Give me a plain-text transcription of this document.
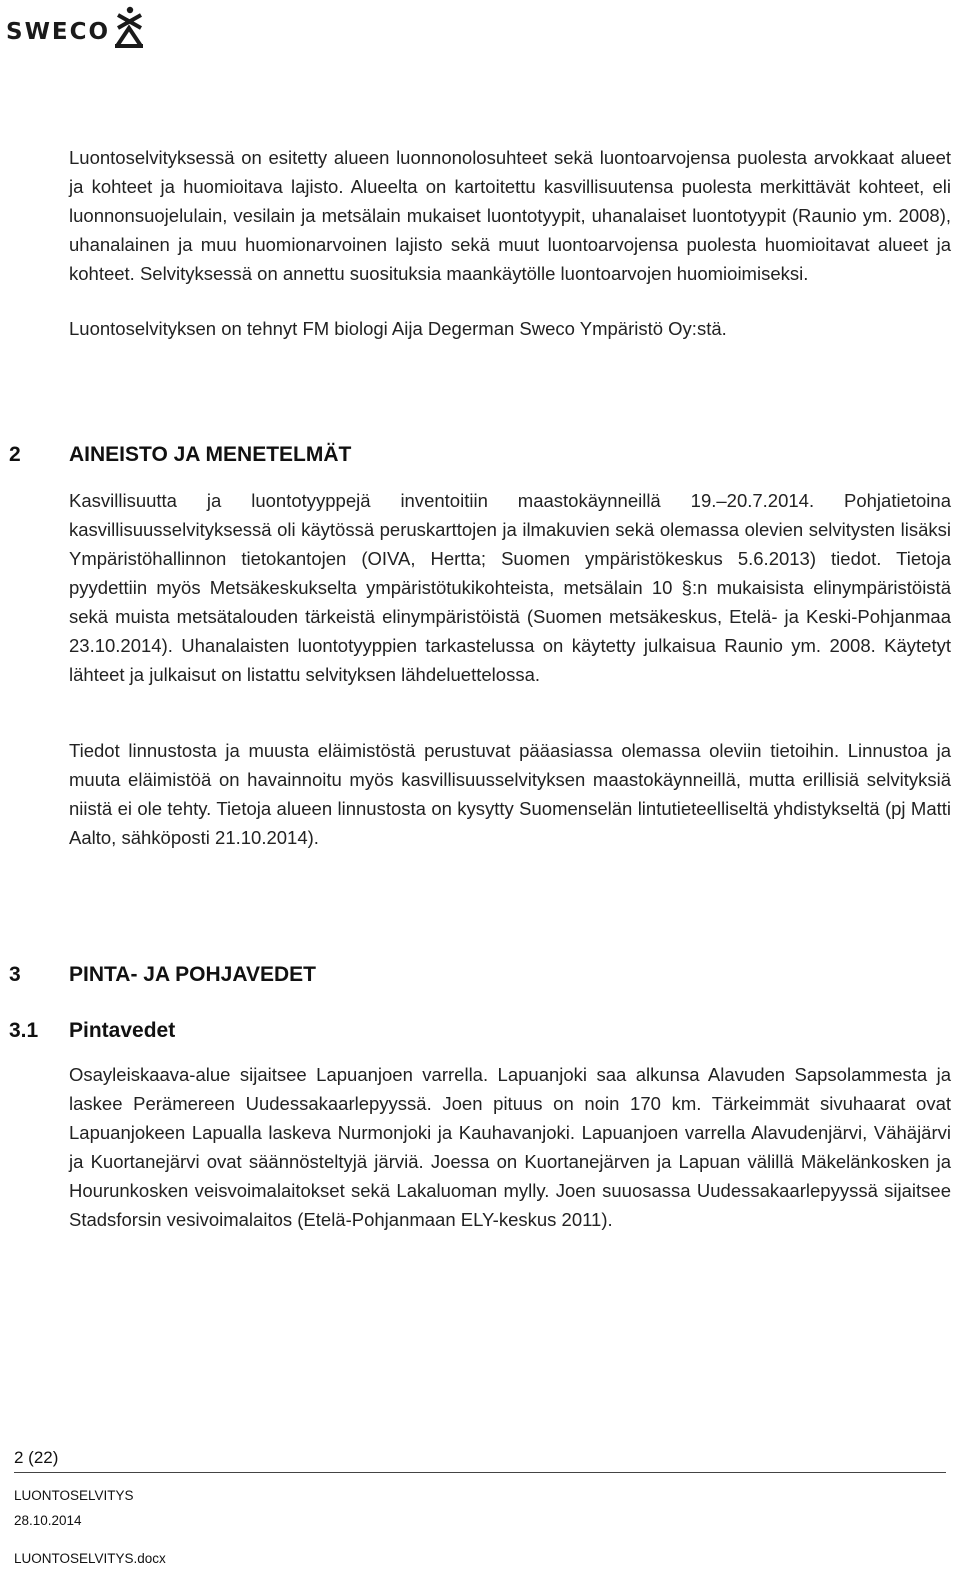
SWECO

Luontoselvityksessä on esitetty alueen luonnonolosuhteet sekä luontoarvojensa puolesta arvokkaat alueet ja kohteet ja huomioitava lajisto. Alueelta on kartoitettu kasvillisuutensa puolesta merkittävät kohteet, eli luonnonsuojelulain, vesilain ja metsälain mukaiset luontotyypit, uhanalaiset luontotyypit (Raunio ym. 2008), uhanalainen ja muu huomionarvoinen lajisto sekä muut luontoarvojensa puolesta huomioitavat alueet ja kohteet. Selvityksessä on annettu suosituksia maankäytölle luontoarvojen huomioimiseksi.

Luontoselvityksen on tehnyt FM biologi Aija Degerman Sweco Ympäristö Oy:stä.

2 AINEISTO JA MENETELMÄT

Kasvillisuutta ja luontotyyppejä inventoitiin maastokäynneillä 19.–20.7.2014. Pohjatietoina kasvillisuusselvityksessä oli käytössä peruskarttojen ja ilmakuvien sekä olemassa olevien selvitysten lisäksi Ympäristöhallinnon tietokantojen (OIVA, Hertta; Suomen ympäristökeskus 5.6.2013) tiedot. Tietoja pyydettiin myös Metsäkeskukselta ympäristötukikohteista, metsälain 10 §:n mukaisista elinympäristöistä sekä muista metsätalouden tärkeistä elinympäristöistä (Suomen metsäkeskus, Etelä- ja Keski-Pohjanmaa 23.10.2014). Uhanalaisten luontotyyppien tarkastelussa on käytetty julkaisua Raunio ym. 2008. Käytetyt lähteet ja julkaisut on listattu selvityksen lähdeluettelossa.

Tiedot linnustosta ja muusta eläimistöstä perustuvat pääasiassa olemassa oleviin tietoihin. Linnustoa ja muuta eläimistöä on havainnoitu myös kasvillisuusselvityksen maastokäynneillä, mutta erillisiä selvityksiä niistä ei ole tehty. Tietoja alueen linnustosta on kysytty Suomenselän lintutieteelliseltä yhdistykseltä (pj Matti Aalto, sähköposti 21.10.2014).

3 PINTA- JA POHJAVEDET
3.1 Pintavedet

Osayleiskaava-alue sijaitsee Lapuanjoen varrella. Lapuanjoki saa alkunsa Alavuden Sapsolammesta ja laskee Perämereen Uudessakaarlepyyssä. Joen pituus on noin 170 km. Tärkeimmät sivuhaarat ovat Lapuanjokeen Lapualla laskeva Nurmonjoki ja Kauhavanjoki. Lapuanjoen varrella Alavudenjärvi, Vähäjärvi ja Kuortanejärvi ovat säännösteltyjä järviä. Joessa on Kuortanejärven ja Lapuan välillä Mäkelänkosken ja Hourunkosken veisvoimalaitokset sekä Lakaluoman mylly. Joen suuosassa Uudessakaarlepyyssä sijaitsee Stadsforsin vesivoimalaitos (Etelä-Pohjanmaan ELY-keskus 2011).

2 (22)
LUONTOSELVITYS
28.10.2014
LUONTOSELVITYS.docx
